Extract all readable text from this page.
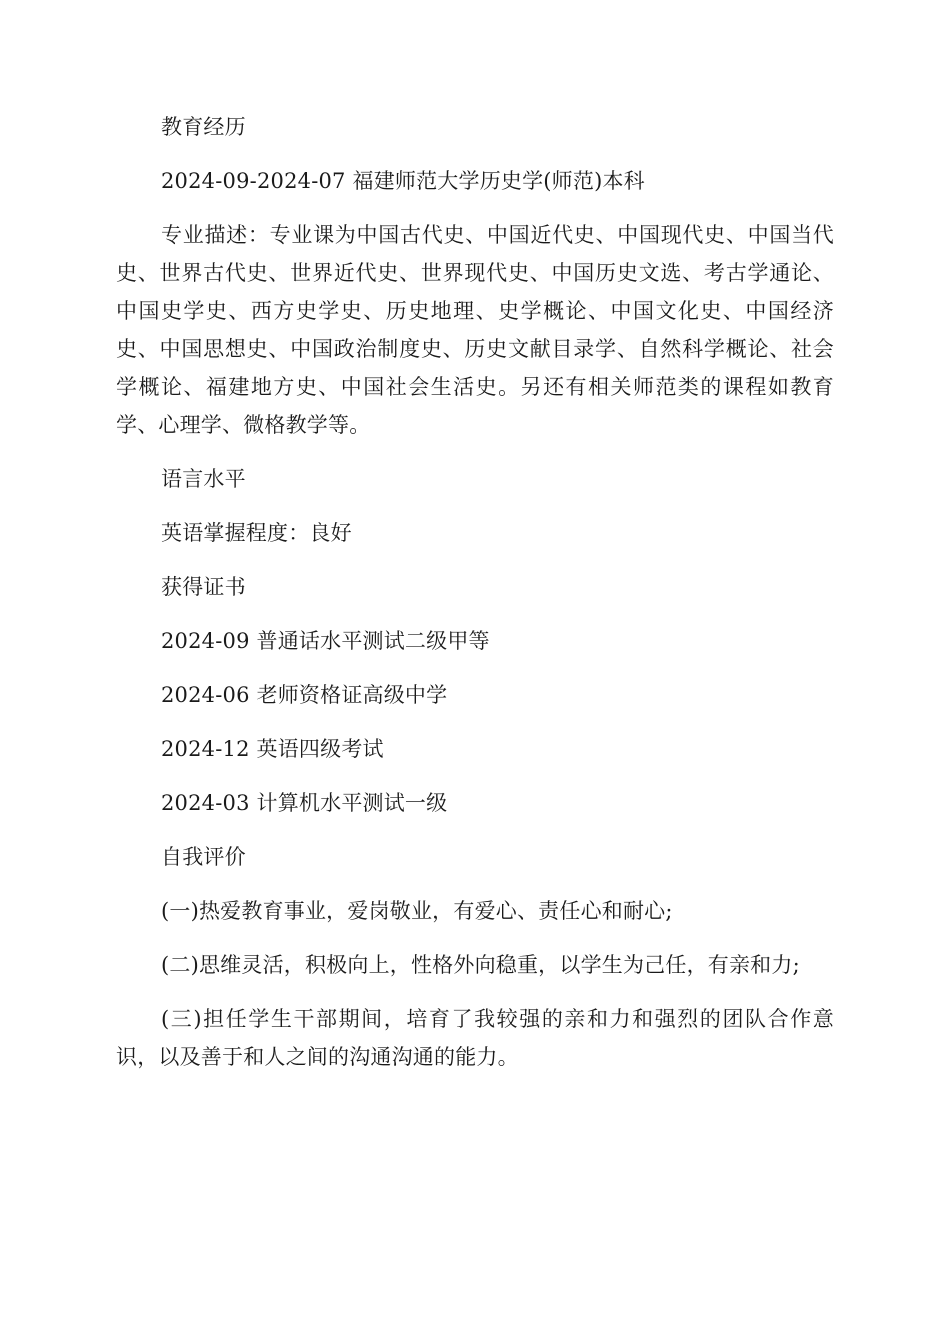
教育经历

2024-09-2024-07 福建师范大学历史学(师范)本科

专业描述：专业课为中国古代史、中国近代史、中国现代史、中国当代史、世界古代史、世界近代史、世界现代史、中国历史文选、考古学通论、中国史学史、西方史学史、历史地理、史学概论、中国文化史、中国经济史、中国思想史、中国政治制度史、历史文献目录学、自然科学概论、社会学概论、福建地方史、中国社会生活史。另还有相关师范类的课程如教育学、心理学、微格教学等。

语言水平

英语掌握程度：良好

获得证书

2024-09 普通话水平测试二级甲等

2024-06 老师资格证高级中学

2024-12 英语四级考试

2024-03 计算机水平测试一级

自我评价

(一)热爱教育事业，爱岗敬业，有爱心、责任心和耐心;

(二)思维灵活，积极向上，性格外向稳重，以学生为己任，有亲和力;

(三)担任学生干部期间，培育了我较强的亲和力和强烈的团队合作意识，以及善于和人之间的沟通沟通的能力。
